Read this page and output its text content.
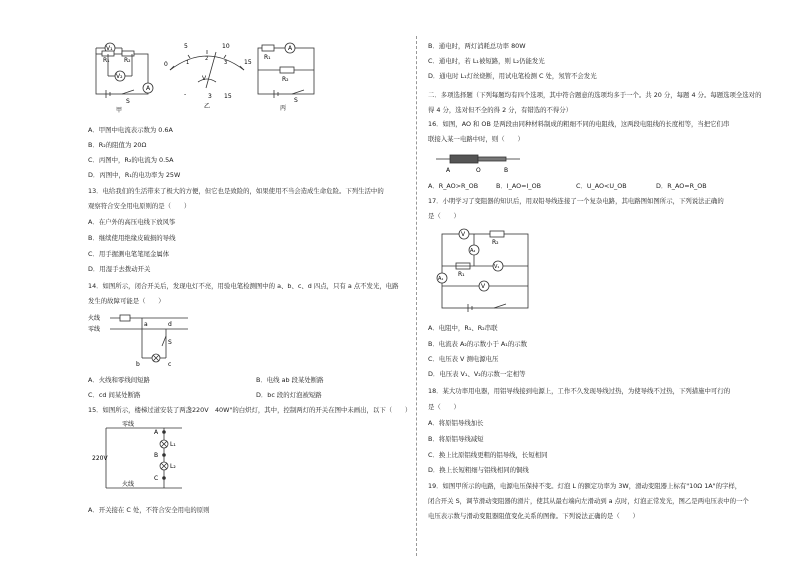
V₁
R₁ R₂
V₂
A
S
甲
5	10
0	15
1
2
3
V
-	3 15
乙
A
R₁
R₂
S
丙
A．甲图中电流表示数为 0.6A
B．R₂的阻值为 20Ω
C．丙图中，R₂的电流为 0.5A
D．丙图中，R₁的电功率为 25W
13．电给我们的生活带来了极大的方便，但它也是致险的，如果使用不当会造成生命危险。下列生活中的
观察符合安全用电原则的是（　　）
A．在户外的高压电线下放风筝
B．继续使用绝缘皮破损的导线
C．用手握测电笔笔尾金属体
D．用湿手去拨动开关
14．如图所示，闭合开关后，发现电灯不亮，用验电笔检测图中的 a、b、c、d 四点，只有 a 点不发光，电路
发生的故障可能是（　　）
火线
零线
a	d
b	c
S
A．火线和零线间短路	B．电线 ab 段某处断路
C．cd 间某处断路	D．bc 段的灯泡被短路
15．如图所示，楼梯过道安装了两盏220V　40W"的白炽灯，其中，控制两灯的开关在图中未画出，以下（　　）
零线
220V
火线
L₁
L₂
C
B
A
A．开关接在 C 处，不符合安全用电的原则
B．通电时，两灯消耗总功率 80W
C．通电时，若 L₁被短路，则 L₂仍能发光
D．通电时 L₁灯丝烧断，用试电笔检测 C 处，氖管不会发光
二．多项选择题（下列每题均有四个选项，其中符合题意的选项均多于一个。共 20 分，每题 4 分。每题选项全选对的得 4 分，选对但不全的得 2 分，有错选的不得分）
16．如图，AO 和 OB 是两段由同种材料制成的粗细不同的电阻线，这两段电阻线的长度相等，当把它们串
联接入某一电路中时，则（　　）
A	O	B
A．R_AO>R_OB	B．I_AO=I_OB	C．U_AO<U_OB	D．R_AO=R_OB
17．小明学习了变阻器的知识后，用双铅导线连接了一个复杂电路，其电路图如图所示，下列说法正确的
是（　　）
V
A₂
R₂
R₁
V₁
A₁
V
A．电阻中，R₁、R₂串联
B．电流表 A₂的示数小于 A₁的示数
C．电压表 V 测电源电压
D．电压表 V₁、V₂的示数一定相等
18．某大功率用电器，用铝导线接到电源上，工作不久发现导线过热，为使导线不过热，下列措施中可行的
是（　　）
A．将原铝导线加长
B．将原铝导线减短
C．换上比原铝线更粗的铝导线，长短相同
D．换上长短粗细与铝线相同的铜线
19．如图甲所示的电路，电源电压保持不变。灯泡 L 的额定功率为 3W，滑动变阻器上标有"10Ω 1A"的字样，
闭合开关 S，调节滑动变阻器的滑片，使其从最右端向左滑动到 a 点时，灯泡正常发光，图乙是两电压表中的一个
电压表示数与滑动变阻器阻值变化关系的图像。下列说法正确的是（　　）
